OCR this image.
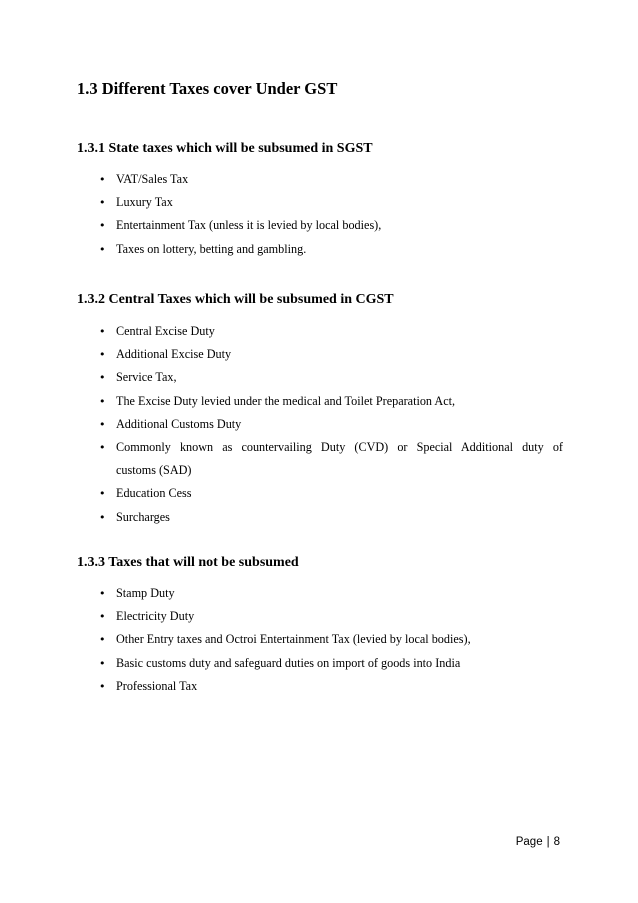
1.3 Different Taxes cover Under GST
1.3.1 State taxes which will be subsumed in SGST
• VAT/Sales Tax
• Luxury Tax
• Entertainment Tax (unless it is levied by local bodies),
• Taxes on lottery, betting and gambling.
1.3.2 Central Taxes which will be subsumed in CGST
• Central Excise Duty
• Additional Excise Duty
• Service Tax,
• The Excise Duty levied under the medical and Toilet Preparation Act,
• Additional Customs Duty
• Commonly known as countervailing Duty (CVD) or Special Additional duty of
customs (SAD)
• Education Cess
• Surcharges
1.3.3 Taxes that will not be subsumed
• Stamp Duty
• Electricity Duty
• Other Entry taxes and Octroi Entertainment Tax (levied by local bodies),
• Basic customs duty and safeguard duties on import of goods into India
• Professional Tax
Page | 8
